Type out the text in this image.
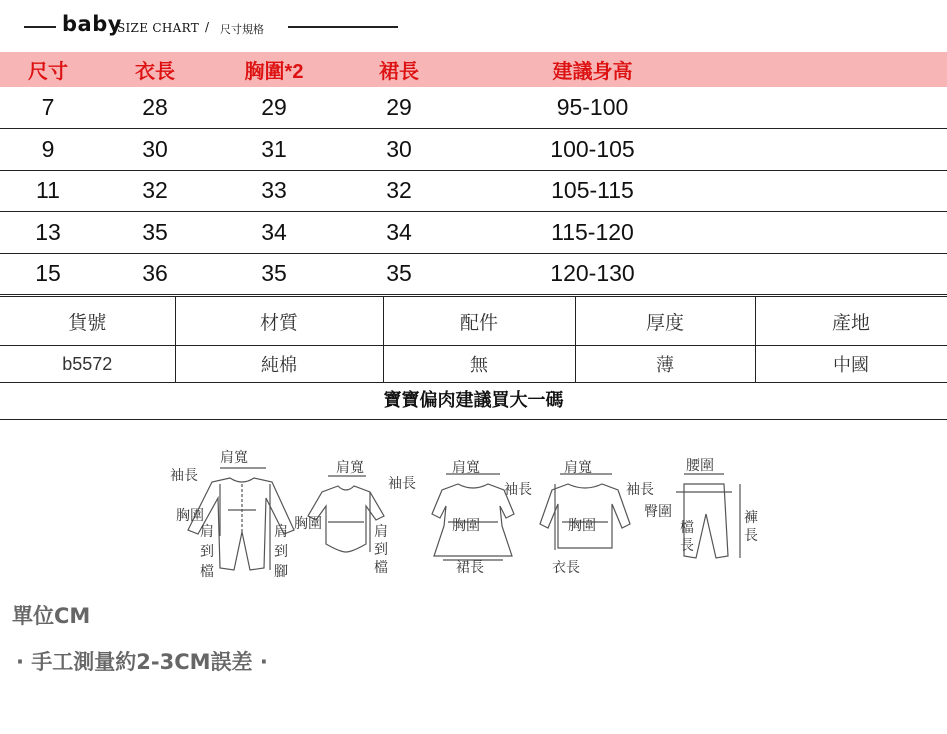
baby
SIZE CHART / 尺寸規格
尺寸	衣長	胸圍*2	裙長	建議身高	
7	28	29	29	95-100	
9	30	31	30	100-105	
11	32	33	32	105-115	
13	35	34	34	115-120	
15	36	35	35	120-130	
貨號	材質	配件	厚度	產地
b5572	純棉	無	薄	中國
寶寶偏肉建議買大一碼
肩寬
袖長
胸圍
肩
到
檔
肩
到
腳
肩寬
袖長
胸圍	肩
到
檔
肩寬
袖長
胸圍
裙長
肩寬
袖長
胸圍
衣長
腰圍
臀圍
檔
長
褲
長
單位CM
· 手工測量約2-3CM誤差 ·
